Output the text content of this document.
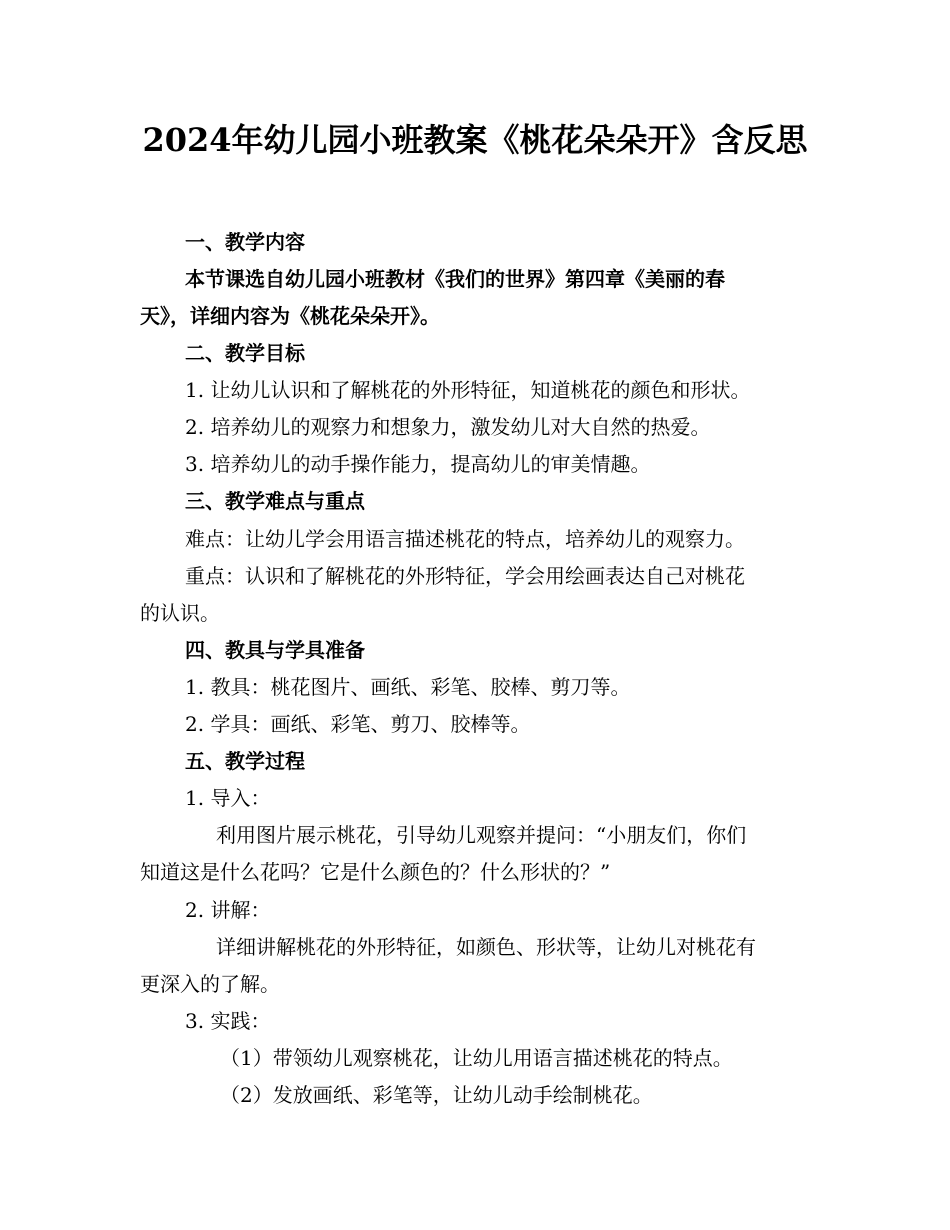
2024年幼儿园小班教案《桃花朵朵开》含反思

一、教学内容

本节课选自幼儿园小班教材《我们的世界》第四章《美丽的春

天》，详细内容为《桃花朵朵开》。

二、教学目标

1. 让幼儿认识和了解桃花的外形特征，知道桃花的颜色和形状。

2. 培养幼儿的观察力和想象力，激发幼儿对大自然的热爱。

3. 培养幼儿的动手操作能力，提高幼儿的审美情趣。

三、教学难点与重点

难点：让幼儿学会用语言描述桃花的特点，培养幼儿的观察力。

重点：认识和了解桃花的外形特征，学会用绘画表达自己对桃花

的认识。

四、教具与学具准备

1. 教具：桃花图片、画纸、彩笔、胶棒、剪刀等。

2. 学具：画纸、彩笔、剪刀、胶棒等。

五、教学过程

1. 导入：

利用图片展示桃花，引导幼儿观察并提问：“小朋友们，你们

知道这是什么花吗？它是什么颜色的？什么形状的？”

2. 讲解：

详细讲解桃花的外形特征，如颜色、形状等，让幼儿对桃花有

更深入的了解。

3. 实践：

（1）带领幼儿观察桃花，让幼儿用语言描述桃花的特点。

（2）发放画纸、彩笔等，让幼儿动手绘制桃花。
